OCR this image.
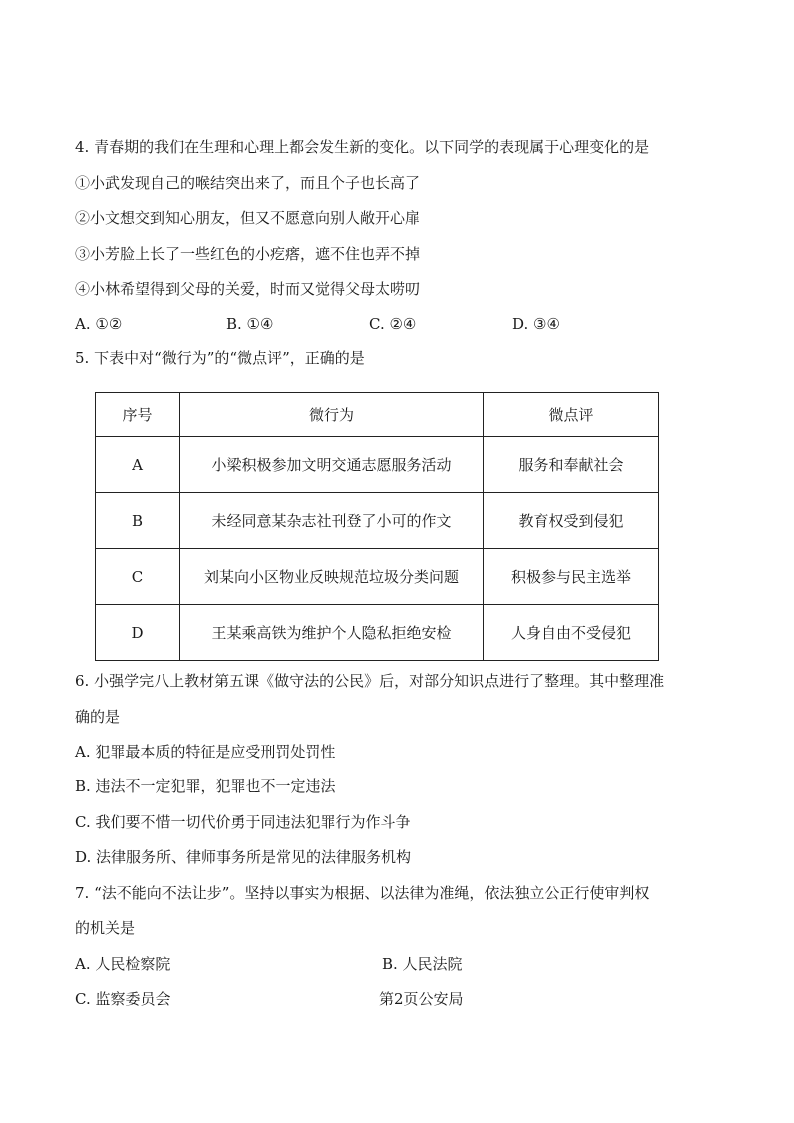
4. 青春期的我们在生理和心理上都会发生新的变化。以下同学的表现属于心理变化的是
①小武发现自己的喉结突出来了，而且个子也长高了
②小文想交到知心朋友，但又不愿意向别人敞开心扉
③小芳脸上长了一些红色的小疙瘩，遮不住也弄不掉
④小林希望得到父母的关爱，时而又觉得父母太唠叨
A. ①②	B. ①④	C. ②④	D. ③④
5. 下表中对“微行为”的“微点评”，正确的是
序号	微行为	微点评
A	小梁积极参加文明交通志愿服务活动	服务和奉献社会
B	未经同意某杂志社刊登了小可的作文	教育权受到侵犯
C	刘某向小区物业反映规范垃圾分类问题	积极参与民主选举
D	王某乘高铁为维护个人隐私拒绝安检	人身自由不受侵犯
6. 小强学完八上教材第五课《做守法的公民》后，对部分知识点进行了整理。其中整理准
确的是
A. 犯罪最本质的特征是应受刑罚处罚性
B. 违法不一定犯罪，犯罪也不一定违法
C. 我们要不惜一切代价勇于同违法犯罪行为作斗争
D. 法律服务所、律师事务所是常见的法律服务机构
7. “法不能向不法让步”。坚持以事实为根据、以法律为准绳，依法独立公正行使审判权
的机关是
A. 人民检察院	B. 人民法院
C. 监察委员会	第2页公安局
